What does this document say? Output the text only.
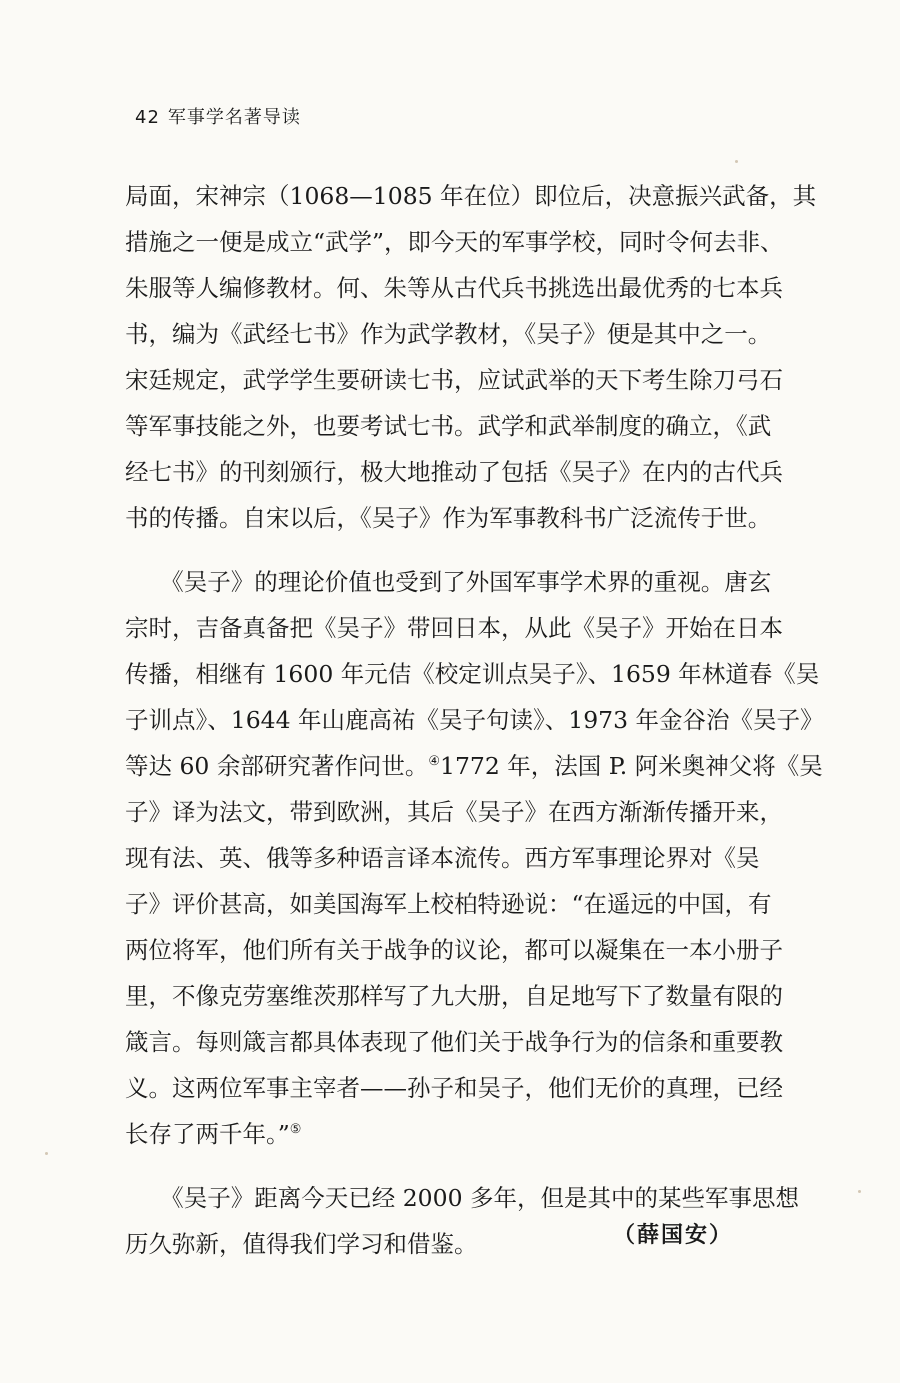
42 军事学名著导读
局面，宋神宗（1068—1085 年在位）即位后，决意振兴武备，其
措施之一便是成立“武学”，即今天的军事学校，同时令何去非、
朱服等人编修教材。何、朱等从古代兵书挑选出最优秀的七本兵
书，编为《武经七书》作为武学教材，《吴子》便是其中之一。
宋廷规定，武学学生要研读七书，应试武举的天下考生除刀弓石
等军事技能之外，也要考试七书。武学和武举制度的确立，《武
经七书》的刊刻颁行，极大地推动了包括《吴子》在内的古代兵
书的传播。自宋以后，《吴子》作为军事教科书广泛流传于世。
　　《吴子》的理论价值也受到了外国军事学术界的重视。唐玄
宗时，吉备真备把《吴子》带回日本，从此《吴子》开始在日本
传播，相继有 1600 年元佶《校定训点吴子》、1659 年林道春《吴
子训点》、1644 年山鹿高祐《吴子句读》、1973 年金谷治《吴子》
等达 60 余部研究著作问世。④1772 年，法国 P. 阿米奥神父将《吴
子》译为法文，带到欧洲，其后《吴子》在西方渐渐传播开来，
现有法、英、俄等多种语言译本流传。西方军事理论界对《吴
子》评价甚高，如美国海军上校柏特逊说：“在遥远的中国，有
两位将军，他们所有关于战争的议论，都可以凝集在一本小册子
里，不像克劳塞维茨那样写了九大册，自足地写下了数量有限的
箴言。每则箴言都具体表现了他们关于战争行为的信条和重要教
义。这两位军事主宰者——孙子和吴子，他们无价的真理，已经
长存了两千年。”⑤
　　《吴子》距离今天已经 2000 多年，但是其中的某些军事思想
历久弥新，值得我们学习和借鉴。	（薛国安）
